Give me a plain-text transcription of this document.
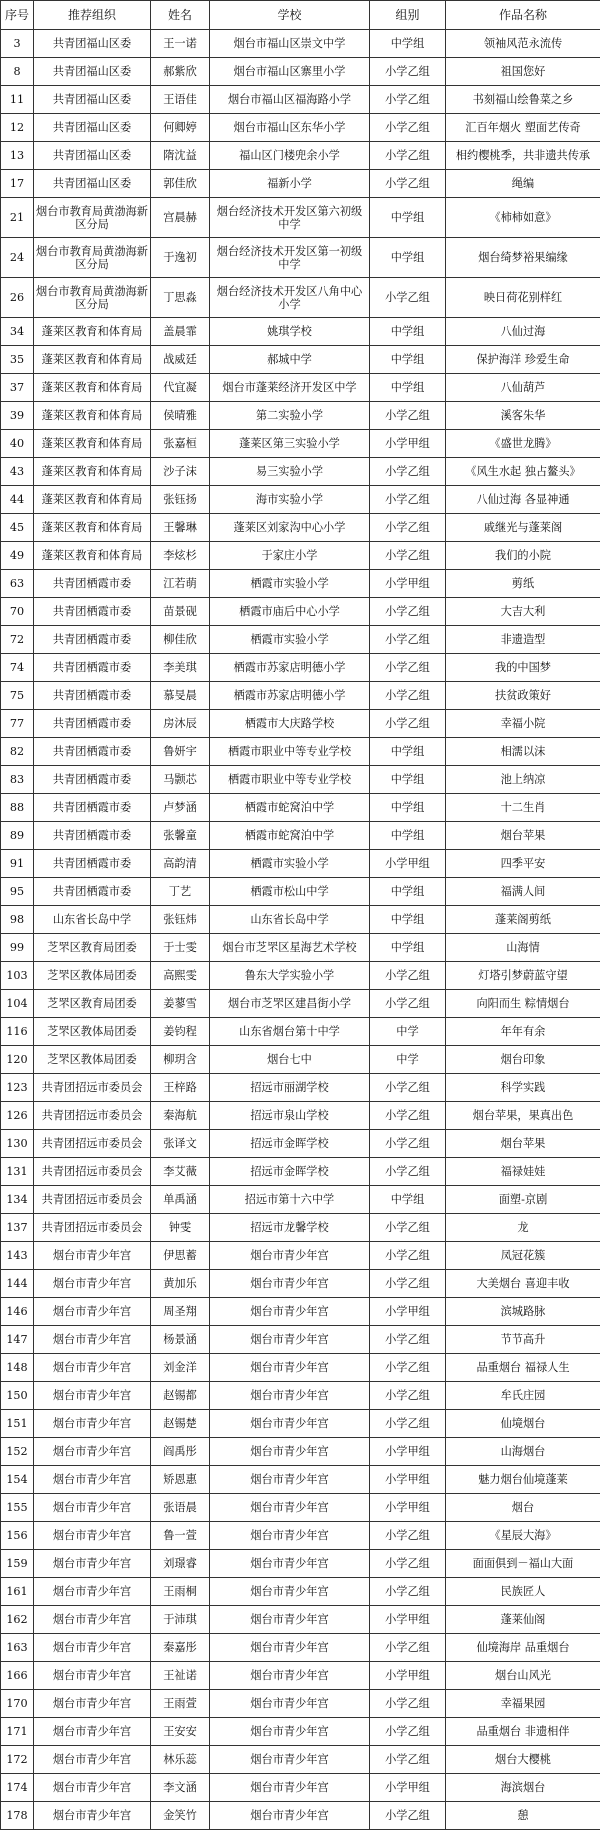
序号	推荐组织	姓名	学校	组别	作品名称
3	共青团福山区委	王一诺	烟台市福山区崇文中学	中学组	领袖风范永流传
8	共青团福山区委	郝紫欣	烟台市福山区寨里小学	小学乙组	祖国您好
11	共青团福山区委	王语佳	烟台市福山区福海路小学	小学乙组	书刻福山绘鲁菜之乡
12	共青团福山区委	何卿婷	烟台市福山区东华小学	小学乙组	汇百年烟火 塑面艺传奇
13	共青团福山区委	隋沈益	福山区门楼兜余小学	小学乙组	相约樱桃季，共非遗共传承
17	共青团福山区委	郭佳欣	福新小学	小学乙组	绳编
21	烟台市教育局黄渤海新区分局	宫晨赫	烟台经济技术开发区第六初级中学	中学组	《柿柿如意》
24	烟台市教育局黄渤海新区分局	于逸初	烟台经济技术开发区第一初级中学	中学组	烟台绮梦裕果编缘
26	烟台市教育局黄渤海新区分局	丁思淼	烟台经济技术开发区八角中心小学	小学乙组	映日荷花别样红
34	蓬莱区教育和体育局	盖晨霏	姚琪学校	中学组	八仙过海
35	蓬莱区教育和体育局	战威廷	郝城中学	中学组	保护海洋 珍爱生命
37	蓬莱区教育和体育局	代宜凝	烟台市蓬莱经济开发区中学	中学组	八仙葫芦
39	蓬莱区教育和体育局	侯晴雅	第二实验小学	小学乙组	溪客朱华
40	蓬莱区教育和体育局	张嘉桓	蓬莱区第三实验小学	小学甲组	《盛世龙腾》
43	蓬莱区教育和体育局	沙子沫	易三实验小学	小学乙组	《风生水起 独占鳌头》
44	蓬莱区教育和体育局	张钰扬	海市实验小学	小学乙组	八仙过海 各显神通
45	蓬莱区教育和体育局	王馨琳	蓬莱区刘家沟中心小学	小学乙组	戚继光与蓬莱阁
49	蓬莱区教育和体育局	李炫杉	于家庄小学	小学乙组	我们的小院
63	共青团栖霞市委	江若萌	栖霞市实验小学	小学甲组	剪纸
70	共青团栖霞市委	苗景砚	栖霞市庙后中心小学	小学乙组	大吉大利
72	共青团栖霞市委	柳佳欣	栖霞市实验小学	小学乙组	非遗造型
74	共青团栖霞市委	李美琪	栖霞市苏家店明德小学	小学乙组	我的中国梦
75	共青团栖霞市委	慕旻晨	栖霞市苏家店明德小学	小学乙组	扶贫政策好
77	共青团栖霞市委	房沐辰	栖霞市大庆路学校	小学乙组	幸福小院
82	共青团栖霞市委	鲁妍宇	栖霞市职业中等专业学校	中学组	相濡以沫
83	共青团栖霞市委	马颢芯	栖霞市职业中等专业学校	中学组	池上纳凉
88	共青团栖霞市委	卢梦涵	栖霞市蛇窝泊中学	中学组	十二生肖
89	共青团栖霞市委	张馨童	栖霞市蛇窝泊中学	中学组	烟台苹果
91	共青团栖霞市委	高韵清	栖霞市实验小学	小学甲组	四季平安
95	共青团栖霞市委	丁艺	栖霞市松山中学	中学组	福满人间
98	山东省长岛中学	张钰炜	山东省长岛中学	中学组	蓬莱阁剪纸
99	芝罘区教育局团委	于士雯	烟台市芝罘区星海艺术学校	中学组	山海情
103	芝罘区教体局团委	高熙雯	鲁东大学实验小学	小学乙组	灯塔引梦蔚蓝守望
104	芝罘区教育局团委	姜蓼雪	烟台市芝罘区建昌街小学	小学乙组	向阳而生 粽情烟台
116	芝罘区教体局团委	姜钧程	山东省烟台第十中学	中学	年年有余
120	芝罘区教体局团委	柳玥含	烟台七中	中学	烟台印象
123	共青团招远市委员会	王梓路	招远市丽湖学校	小学乙组	科学实践
126	共青团招远市委员会	秦海航	招远市泉山学校	小学乙组	烟台苹果，果真出色
130	共青团招远市委员会	张译文	招远市金晖学校	小学乙组	烟台苹果
131	共青团招远市委员会	李艾薇	招远市金晖学校	小学乙组	福禄娃娃
134	共青团招远市委员会	单禹涵	招远市第十六中学	中学组	面塑-京剧
137	共青团招远市委员会	钟雯	招远市龙馨学校	小学乙组	龙
143	烟台市青少年宫	伊思蓄	烟台市青少年宫	小学乙组	凤冠花簇
144	烟台市青少年宫	黄加乐	烟台市青少年宫	小学乙组	大美烟台 喜迎丰收
146	烟台市青少年宫	周圣翔	烟台市青少年宫	小学甲组	滨城路脉
147	烟台市青少年宫	杨景涵	烟台市青少年宫	小学乙组	节节高升
148	烟台市青少年宫	刘金洋	烟台市青少年宫	小学乙组	品重烟台 福禄人生
150	烟台市青少年宫	赵锡都	烟台市青少年宫	小学乙组	牟氏庄园
151	烟台市青少年宫	赵锡楚	烟台市青少年宫	小学乙组	仙境烟台
152	烟台市青少年宫	阎禹彤	烟台市青少年宫	小学甲组	山海烟台
154	烟台市青少年宫	矫恩惠	烟台市青少年宫	小学甲组	魅力烟台仙境蓬莱
155	烟台市青少年宫	张语晨	烟台市青少年宫	小学甲组	烟台
156	烟台市青少年宫	鲁一萱	烟台市青少年宫	小学乙组	《星辰大海》
159	烟台市青少年宫	刘璟睿	烟台市青少年宫	小学乙组	面面俱到－福山大面
161	烟台市青少年宫	王雨桐	烟台市青少年宫	小学乙组	民族匠人
162	烟台市青少年宫	于沛琪	烟台市青少年宫	小学甲组	蓬莱仙阁
163	烟台市青少年宫	秦嘉彤	烟台市青少年宫	小学乙组	仙境海岸 品重烟台
166	烟台市青少年宫	王祉诺	烟台市青少年宫	小学甲组	烟台山风光
170	烟台市青少年宫	王雨萱	烟台市青少年宫	小学乙组	幸福果园
171	烟台市青少年宫	王安安	烟台市青少年宫	小学乙组	品重烟台 非遗相伴
172	烟台市青少年宫	林乐蕊	烟台市青少年宫	小学乙组	烟台大樱桃
174	烟台市青少年宫	李文涵	烟台市青少年宫	小学甲组	海滨烟台
178	烟台市青少年宫	金笑竹	烟台市青少年宫	小学乙组	憩
